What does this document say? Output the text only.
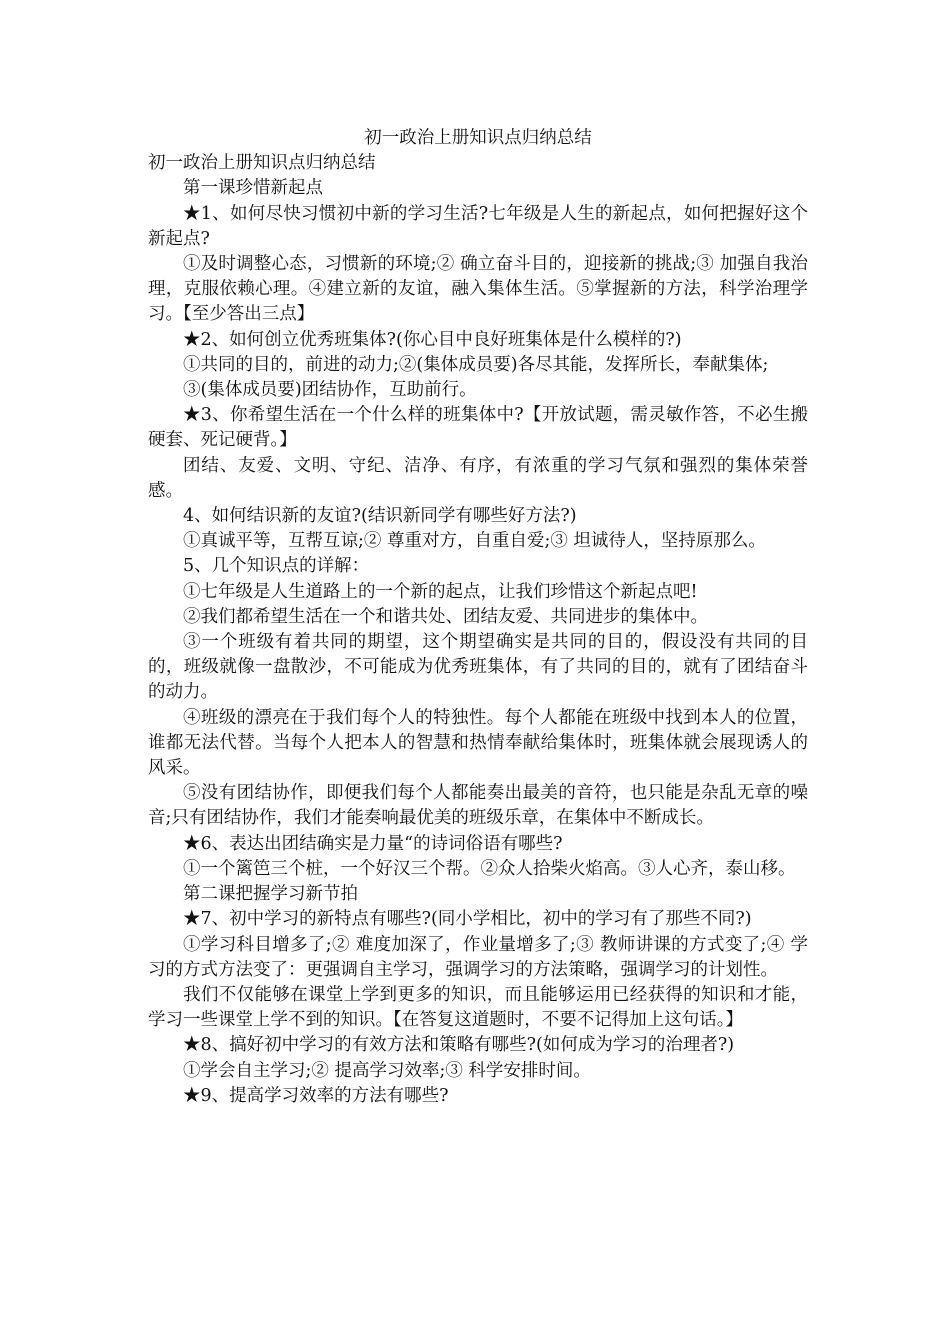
初一政治上册知识点归纳总结

初一政治上册知识点归纳总结

第一课珍惜新起点

★1、如何尽快习惯初中新的学习生活?七年级是人生的新起点，如何把握好这个新起点?

①及时调整心态，习惯新的环境;② 确立奋斗目的，迎接新的挑战;③ 加强自我治理，克服依赖心理。④建立新的友谊，融入集体生活。⑤掌握新的方法，科学治理学习。【至少答出三点】

★2、如何创立优秀班集体?(你心目中良好班集体是什么模样的?)

①共同的目的，前进的动力;②(集体成员要)各尽其能，发挥所长，奉献集体;

③(集体成员要)团结协作，互助前行。

★3、你希望生活在一个什么样的班集体中?【开放试题，需灵敏作答，不必生搬硬套、死记硬背。】

团结、友爱、文明、守纪、洁净、有序，有浓重的学习气氛和强烈的集体荣誉感。

4、如何结识新的友谊?(结识新同学有哪些好方法?)

①真诚平等，互帮互谅;② 尊重对方，自重自爱;③ 坦诚待人，坚持原那么。

5、几个知识点的详解：

①七年级是人生道路上的一个新的起点，让我们珍惜这个新起点吧!

②我们都希望生活在一个和谐共处、团结友爱、共同进步的集体中。

③一个班级有着共同的期望，这个期望确实是共同的目的，假设没有共同的目的，班级就像一盘散沙，不可能成为优秀班集体，有了共同的目的，就有了团结奋斗的动力。

④班级的漂亮在于我们每个人的特独性。每个人都能在班级中找到本人的位置，谁都无法代替。当每个人把本人的智慧和热情奉献给集体时，班集体就会展现诱人的风采。

⑤没有团结协作，即便我们每个人都能奏出最美的音符，也只能是杂乱无章的噪音;只有团结协作，我们才能奏响最优美的班级乐章，在集体中不断成长。

★6、表达出团结确实是力量“的诗词俗语有哪些?

①一个篱笆三个桩，一个好汉三个帮。②众人拾柴火焰高。③人心齐，泰山移。

第二课把握学习新节拍

★7、初中学习的新特点有哪些?(同小学相比，初中的学习有了那些不同?)

①学习科目增多了;② 难度加深了，作业量增多了;③ 教师讲课的方式变了;④ 学习的方式方法变了：更强调自主学习，强调学习的方法策略，强调学习的计划性。

我们不仅能够在课堂上学到更多的知识，而且能够运用已经获得的知识和才能，学习一些课堂上学不到的知识。【在答复这道题时，不要不记得加上这句话。】

★8、搞好初中学习的有效方法和策略有哪些?(如何成为学习的治理者?)

①学会自主学习;② 提高学习效率;③ 科学安排时间。

★9、提高学习效率的方法有哪些?
